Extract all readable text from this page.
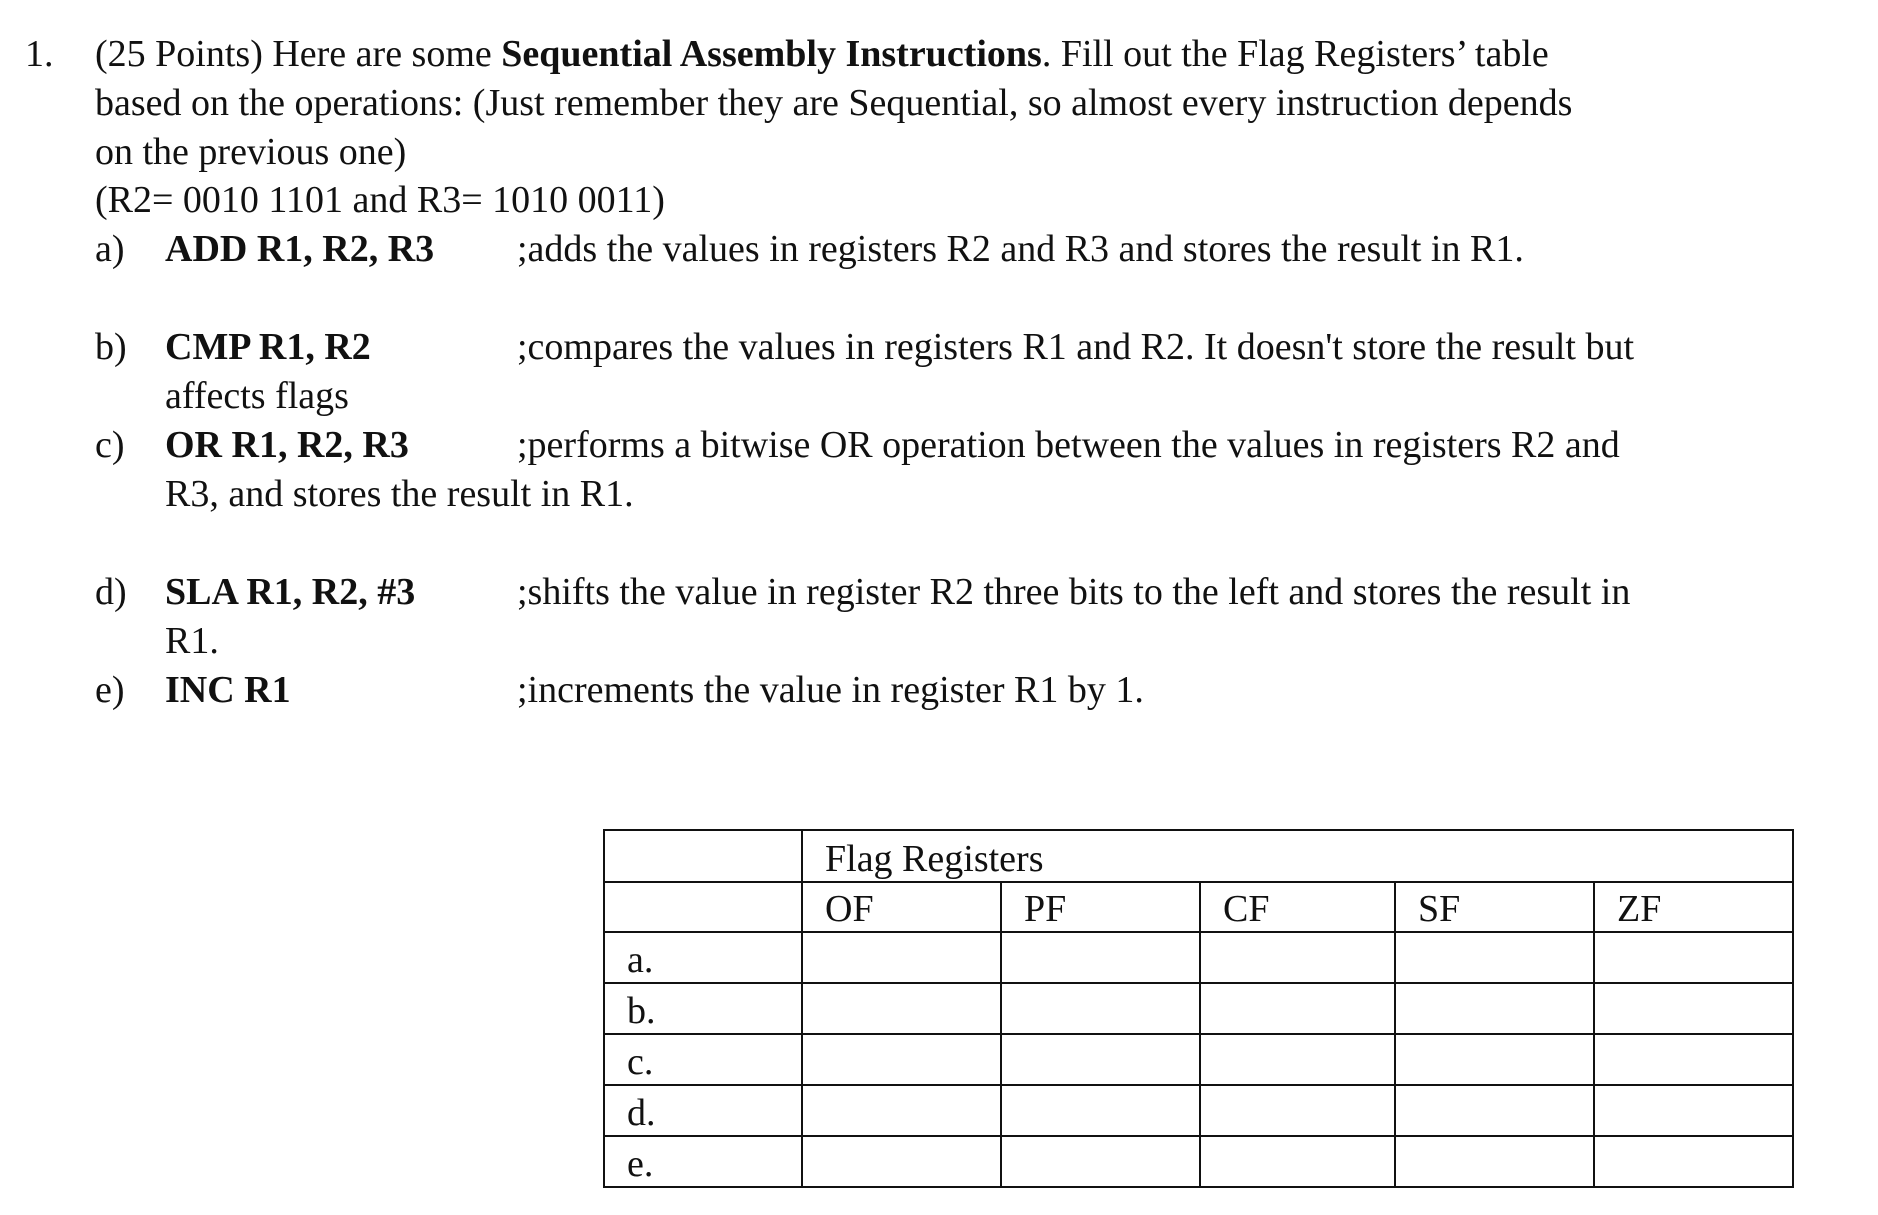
1. (25 Points) Here are some Sequential Assembly Instructions. Fill out the Flag Registers’ table
based on the operations: (Just remember they are Sequential, so almost every instruction depends
on the previous one)
(R2= 0010 1101 and R3= 1010 0011)
a) ADD R1, R2, R3 ;adds the values in registers R2 and R3 and stores the result in R1.
b) CMP R1, R2	;compares the values in registers R1 and R2. It doesn't store the result but
affects flags
c) OR R1, R2, R3	;performs a bitwise OR operation between the values in registers R2 and
R3, and stores the result in R1.
d) SLA R1, R2, #3	;shifts the value in register R2 three bits to the left and stores the result in
R1.
e) INC R1	;increments the value in register R1 by 1.
	Flag Registers				
	OF	PF	CF	SF	ZF
a.					
b.					
c.					
d.					
e.					
